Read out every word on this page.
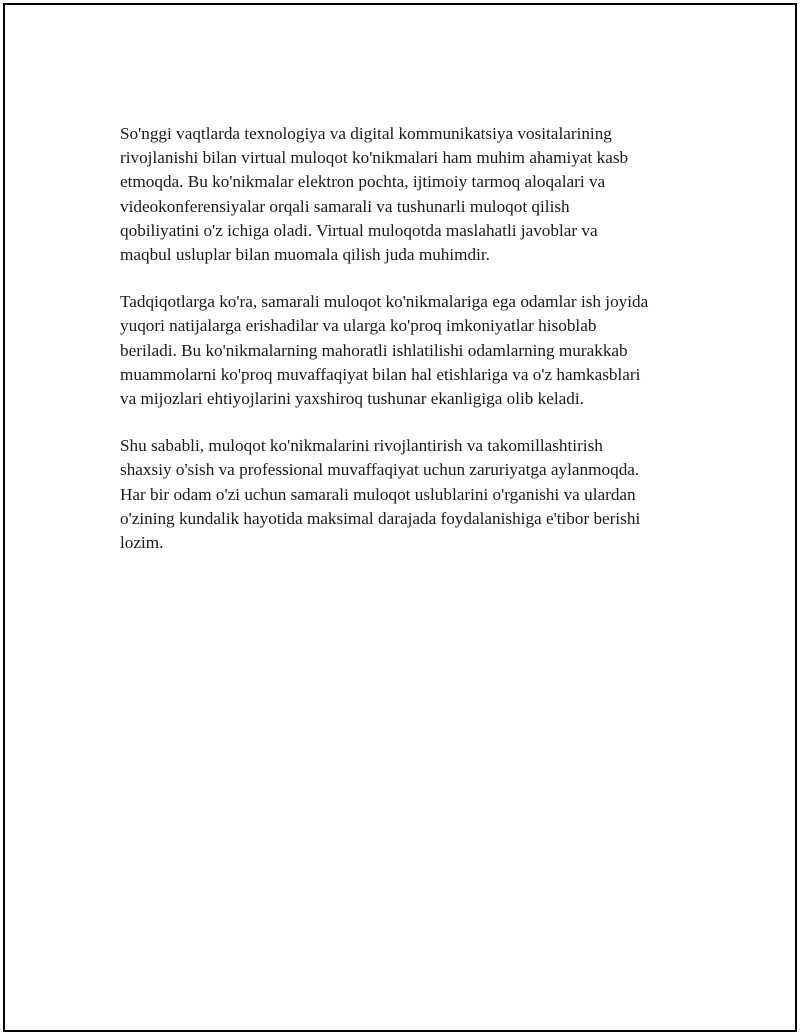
So'nggi vaqtlarda texnologiya va digital kommunikatsiya vositalarining
rivojlanishi bilan virtual muloqot ko'nikmalari ham muhim ahamiyat kasb
etmoqda. Bu ko'nikmalar elektron pochta, ijtimoiy tarmoq aloqalari va
videokonferensiyalar orqali samarali va tushunarli muloqot qilish
qobiliyatini o'z ichiga oladi. Virtual muloqotda maslahatli javoblar va
maqbul usluplar bilan muomala qilish juda muhimdir.

Tadqiqotlarga ko'ra, samarali muloqot ko'nikmalariga ega odamlar ish joyida
yuqori natijalarga erishadilar va ularga ko'proq imkoniyatlar hisoblab
beriladi. Bu ko'nikmalarning mahoratli ishlatilishi odamlarning murakkab
muammolarni ko'proq muvaffaqiyat bilan hal etishlariga va o'z hamkasblari
va mijozlari ehtiyojlarini yaxshiroq tushunar ekanligiga olib keladi.

Shu sababli, muloqot ko'nikmalarini rivojlantirish va takomillashtirish
shaxsiy o'sish va professional muvaffaqiyat uchun zaruriyatga aylanmoqda.
Har bir odam o'zi uchun samarali muloqot uslublarini o'rganishi va ulardan
o'zining kundalik hayotida maksimal darajada foydalanishiga e'tibor berishi
lozim.
